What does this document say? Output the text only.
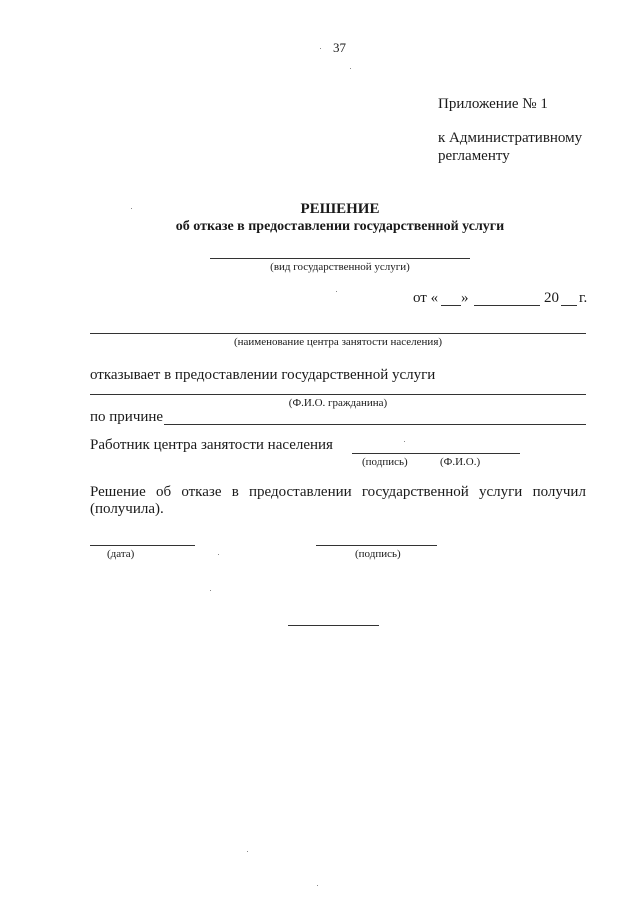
37
Приложение № 1
к Административному
регламенту
РЕШЕНИЕ
об отказе в предоставлении государственной услуги
(вид государственной услуги)
от « »	20 г.
(наименование центра занятости населения)
отказывает в предоставлении государственной услуги
(Ф.И.О. гражданина)
по причине
Работник центра занятости населения
(подпись)	(Ф.И.О.)
Решение об отказе в предоставлении государственной услуги получил
(получила).
(дата)	(подпись)
